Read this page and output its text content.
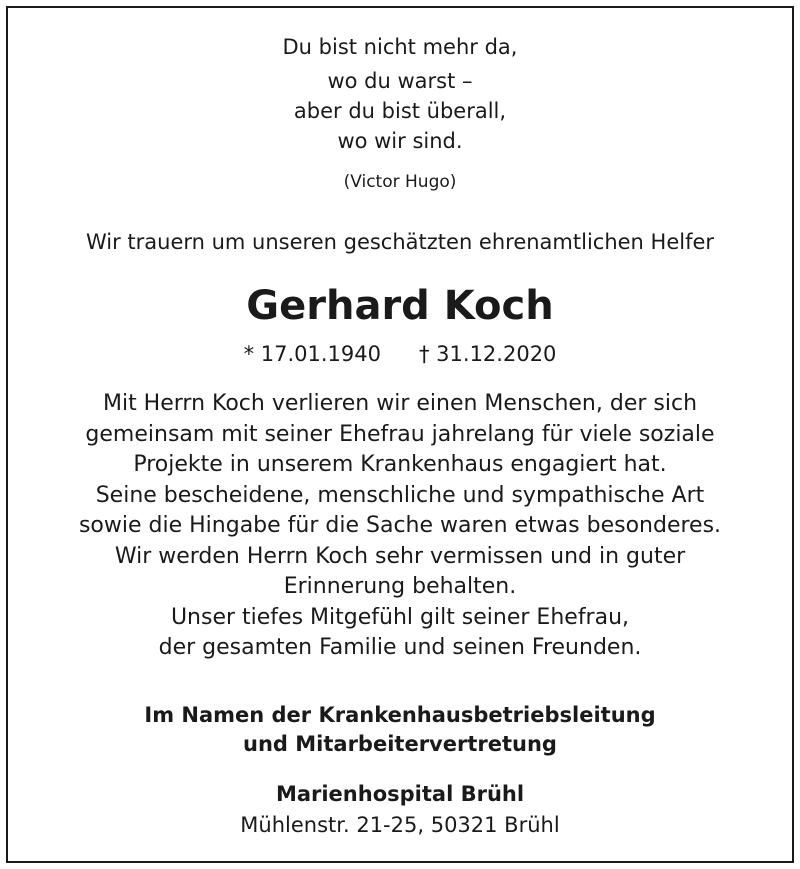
Du bist nicht mehr da,
wo du warst –
aber du bist überall,
wo wir sind.
(Victor Hugo)
Wir trauern um unseren geschätzten ehrenamtlichen Helfer
Gerhard Koch
* 17.01.1940 † 31.12.2020
Mit Herrn Koch verlieren wir einen Menschen, der sich
gemeinsam mit seiner Ehefrau jahrelang für viele soziale
Projekte in unserem Krankenhaus engagiert hat.
Seine bescheidene, menschliche und sympathische Art
sowie die Hingabe für die Sache waren etwas besonderes.
Wir werden Herrn Koch sehr vermissen und in guter
Erinnerung behalten.
Unser tiefes Mitgefühl gilt seiner Ehefrau,
der gesamten Familie und seinen Freunden.
Im Namen der Krankenhausbetriebsleitung
und Mitarbeitervertretung
Marienhospital Brühl
Mühlenstr. 21-25, 50321 Brühl
